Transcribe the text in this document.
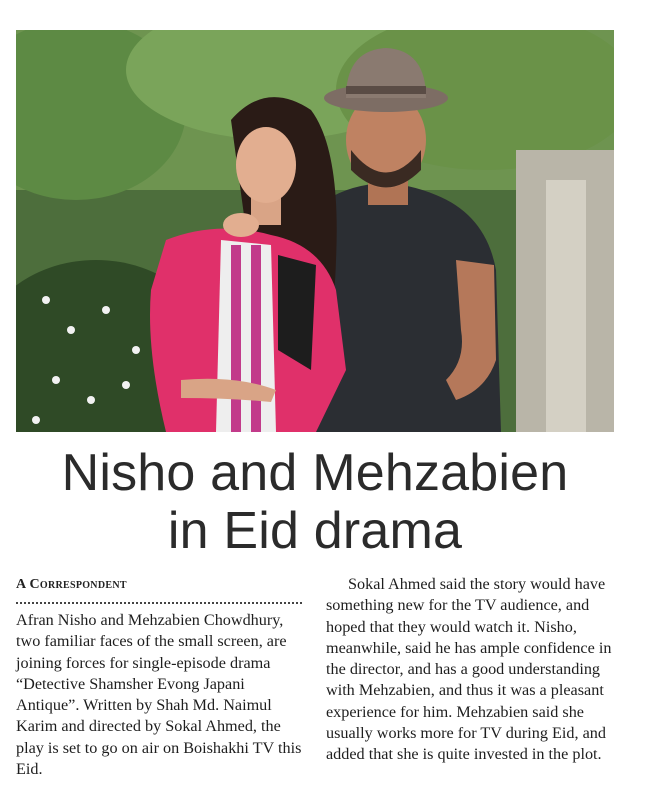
Nisho and Mehzabien
in Eid drama

A Correspondent

Afran Nisho and Mehzabien Chowdhury, two familiar faces of the small screen, are joining forces for single-episode drama “Detective Shamsher Evong Japani Antique”. Written by Shah Md. Naimul Karim and directed by Sokal Ahmed, the play is set to go on air on Boishakhi TV this Eid.

Sokal Ahmed said the story would have something new for the TV audience, and hoped that they would watch it. Nisho, meanwhile, said he has ample confidence in the director, and has a good understanding with Mehzabien, and thus it was a pleasant experience for him. Mehzabien said she usually works more for TV during Eid, and added that she is quite invested in the plot.
